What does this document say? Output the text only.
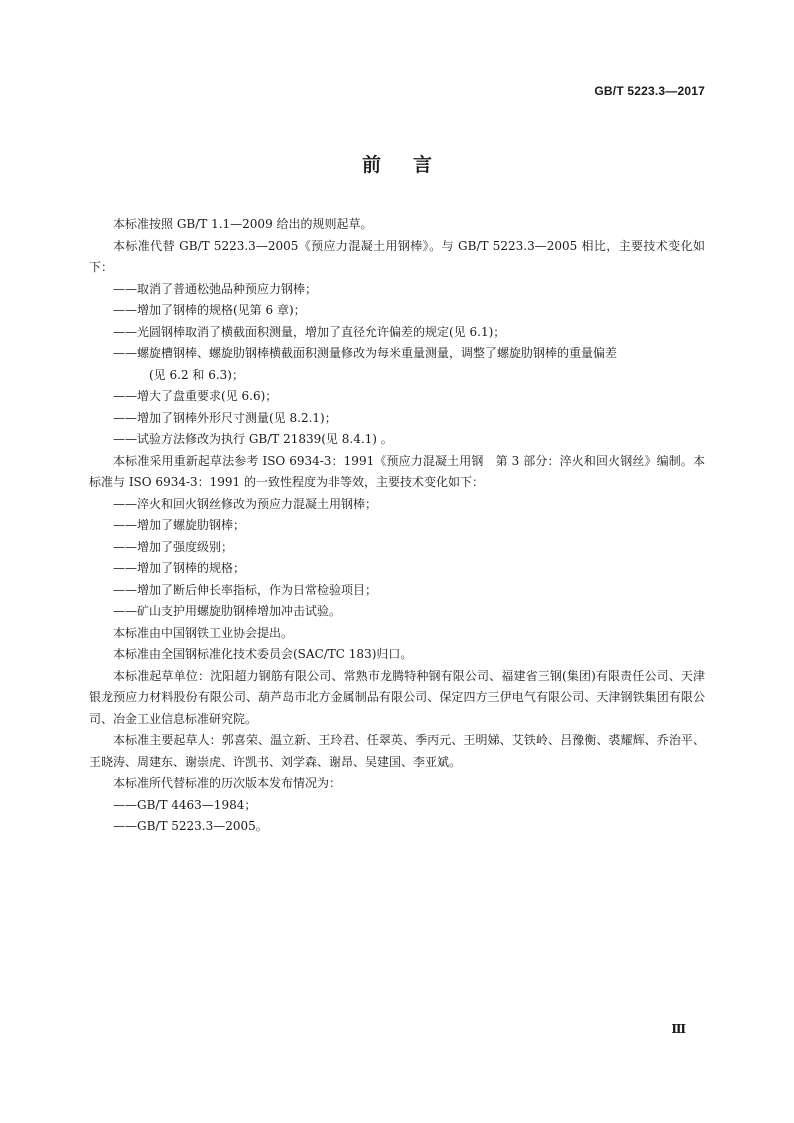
GB/T 5223.3—2017
前言

本标准按照 GB/T 1.1—2009 给出的规则起草。

本标准代替 GB/T 5223.3—2005《预应力混凝土用钢棒》。与 GB/T 5223.3—2005 相比，主要技术变化如下：

——取消了普通松弛品种预应力钢棒；

——增加了钢棒的规格(见第 6 章)；

——光圆钢棒取消了横截面积测量，增加了直径允许偏差的规定(见 6.1)；

——螺旋槽钢棒、螺旋肋钢棒横截面积测量修改为每米重量测量，调整了螺旋肋钢棒的重量偏差

(见 6.2 和 6.3)；

——增大了盘重要求(见 6.6)；

——增加了钢棒外形尺寸测量(见 8.2.1)；

——试验方法修改为执行 GB/T 21839(见 8.4.1) 。

本标准采用重新起草法参考 ISO 6934-3：1991《预应力混凝土用钢　第 3 部分：淬火和回火钢丝》编制。本标准与 ISO 6934-3：1991 的一致性程度为非等效，主要技术变化如下：

——淬火和回火钢丝修改为预应力混凝土用钢棒；

——增加了螺旋肋钢棒；

——增加了强度级别；

——增加了钢棒的规格；

——增加了断后伸长率指标，作为日常检验项目；

——矿山支护用螺旋肋钢棒增加冲击试验。

本标准由中国钢铁工业协会提出。

本标准由全国钢标准化技术委员会(SAC/TC 183)归口。

本标准起草单位：沈阳超力钢筋有限公司、常熟市龙腾特种钢有限公司、福建省三钢(集团)有限责任公司、天津银龙预应力材料股份有限公司、葫芦岛市北方金属制品有限公司、保定四方三伊电气有限公司、天津钢铁集团有限公司、冶金工业信息标准研究院。

本标准主要起草人：郭喜荣、温立新、王玲君、任翠英、季丙元、王明娣、艾铁岭、吕豫衡、裘耀辉、乔治平、王晓涛、周建东、谢崇虎、许凯书、刘学森、谢昂、吴建国、李亚斌。

本标准所代替标准的历次版本发布情况为：

——GB/T 4463—1984；

——GB/T 5223.3—2005。

Ⅲ
